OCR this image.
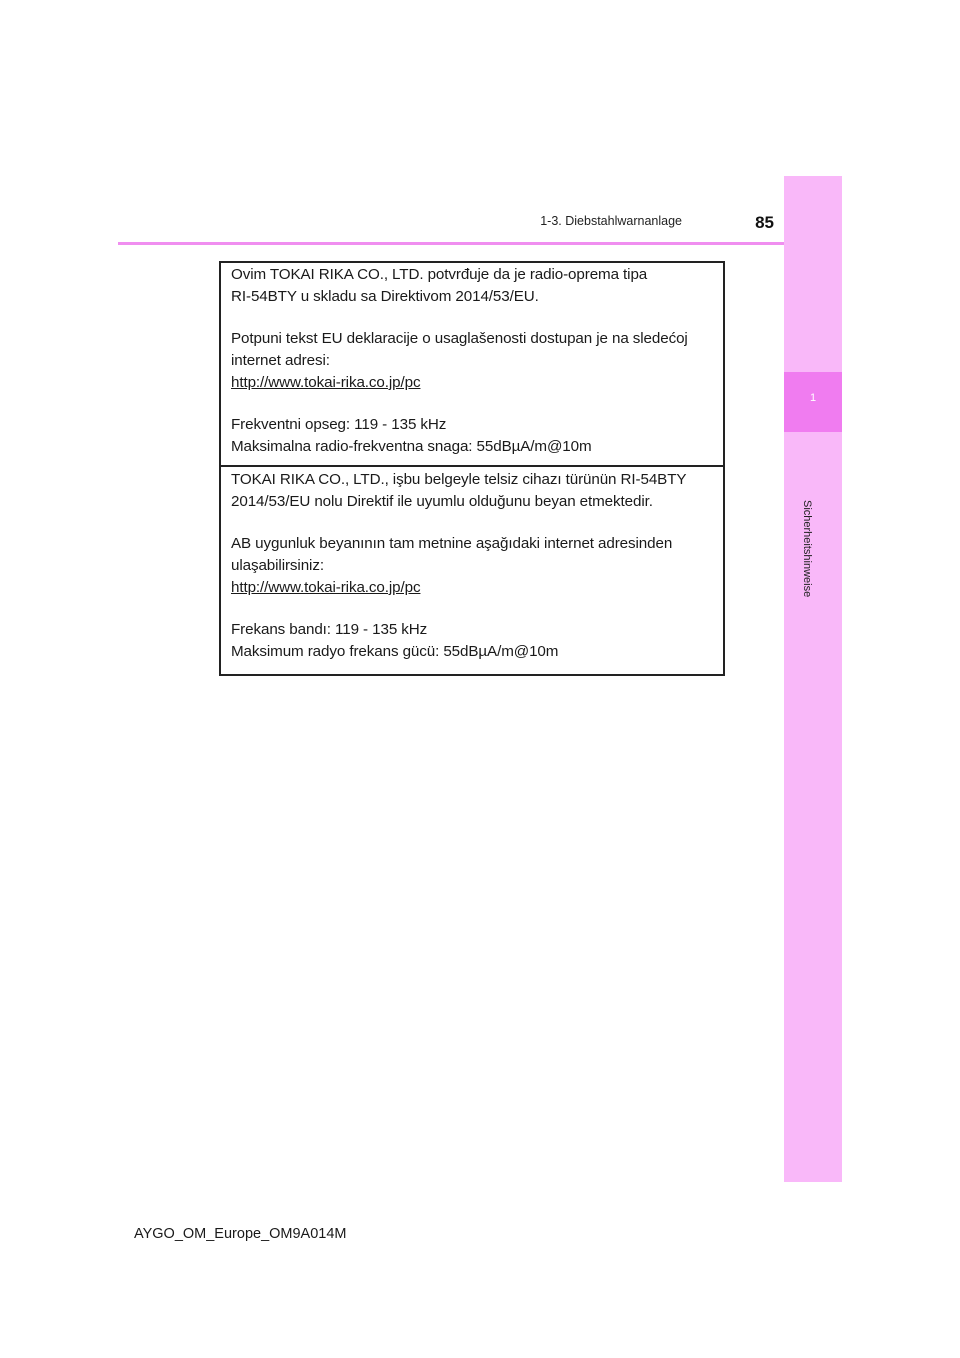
1-3. Diebstahlwarnanlage	85
1
Sicherheitshinweise

Ovim TOKAI RIKA CO., LTD. potvrđuje da je radio-oprema tipa

RI-54BTY u skladu sa Direktivom 2014/53/EU.

Potpuni tekst EU deklaracije o usaglašenosti dostupan je na sledećoj

internet adresi:

http://www.tokai-rika.co.jp/pc

Frekventni opseg: 119 - 135 kHz

Maksimalna radio-frekventna snaga: 55dBµA/m@10m

TOKAI RIKA CO., LTD., işbu belgeyle telsiz cihazı türünün RI-54BTY

2014/53/EU nolu Direktif ile uyumlu olduğunu beyan etmektedir.

AB uygunluk beyanının tam metnine aşağıdaki internet adresinden

ulaşabilirsiniz:

http://www.tokai-rika.co.jp/pc

Frekans bandı: 119 - 135 kHz

Maksimum radyo frekans gücü: 55dBµA/m@10m

AYGO_OM_Europe_OM9A014M
